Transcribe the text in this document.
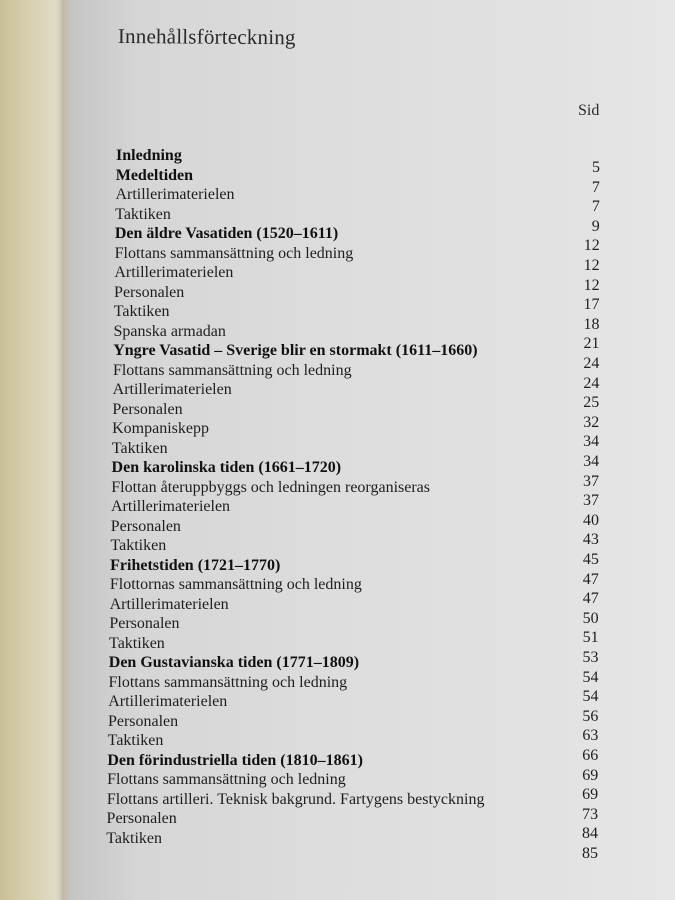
Innehållsförteckning
Sid
Inledning
Medeltiden	5
Artillerimaterielen	7
Taktiken	7
Den äldre Vasatiden (1520–1611)	9
Flottans sammansättning och ledning	12
Artillerimaterielen	12
Personalen	12
Taktiken	17
Spanska armadan	18
Yngre Vasatid – Sverige blir en stormakt (1611–1660)	21
Flottans sammansättning och ledning	24
Artillerimaterielen	24
Personalen	25
Kompaniskepp	32
Taktiken	34
Den karolinska tiden (1661–1720)	34
Flottan återuppbyggs och ledningen reorganiseras	37
Artillerimaterielen	37
Personalen	40
Taktiken	43
Frihetstiden (1721–1770)	45
Flottornas sammansättning och ledning	47
Artillerimaterielen	47
Personalen	50
Taktiken	51
Den Gustavianska tiden (1771–1809)	53
Flottans sammansättning och ledning	54
Artillerimaterielen	54
Personalen	56
Taktiken	63
Den förindustriella tiden (1810–1861)	66
Flottans sammansättning och ledning	69
Flottans artilleri. Teknisk bakgrund. Fartygens bestyckning	69
Personalen	73
Taktiken	84
85
